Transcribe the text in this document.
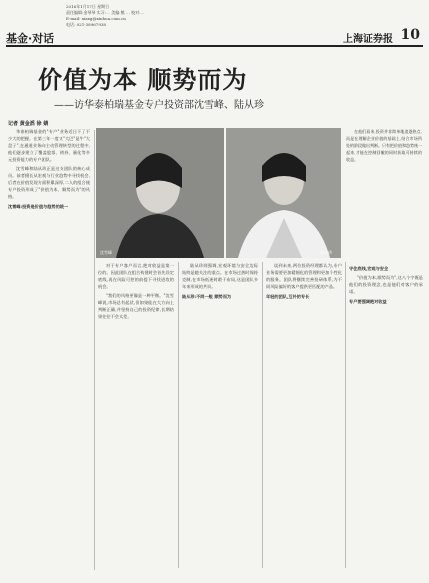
2016年1月17日 星期日
责任编辑:金琴琴 实习:… 美编:熊 … 校对:…
E-mail: xiaxg@xinhua.com.cn
电话: 021-38967938
基金·对话	上海证券报 10
价值为本 顺势而为
——访华泰柏瑞基金专户投资部沈雪峰、陆从珍
记者 黄金滔 徐 婧

华泰柏瑞基金的"专户"业务近日下了不少大的把握。在第三年一度又"大巴"是牛"大盘子",在通道业务向主动管理转型的过程中,他们逐步建立了覆盖股票、债券、量化等多元投资能力的专户团队。

沈雪峰和陆从珍正是这支团队的核心成员。前者擅长从宏观与行业趋势中寻找机会,后者在价值发现方面积累深厚,二人的组合使专户投资形成了"价值为本、顺势而为"的风格。

沈雪峰:投资是价值与趋势的统一

沈雪峰	陆从珍

在他们看来,投资并非简单地追逐热点,而是在理解企业价值的基础上,结合市场所处的阶段做出判断。只有把价值和趋势统一起来,才能在控制回撤的同时获取可持续的收益。

对于专户客户而言,绝对收益是第一位的。因此团队在组合构建时会首先设定底线,再在风险可控的前提下寻找进攻的机会。

"我们的风格更像是一种平衡。"沈雪峰说,市场总有起伏,但如果能在大方向上判断正确,并坚持自己的投资纪律,长期结果往往不会太差。

陆从珍则强调,宏观环境与安全边际始终是她关注的重点。在市场过热时保持克制,在市场低迷时敢于布局,这是团队多年来形成的共识。

陆从珍:不同一般 顺势而为

谈到未来,两位投资经理都认为,专户业务需要更加精细化的管理和更加个性化的服务。团队将继续完善投研体系,为不同风险偏好的客户提供更匹配的产品。

年轻的团队,互补的专长

守住底线,宏观与安全

"价值为本,顺势而为",这八个字既是他们的投资理念,也是他们对客户的承诺。

专户要强调绝对收益
